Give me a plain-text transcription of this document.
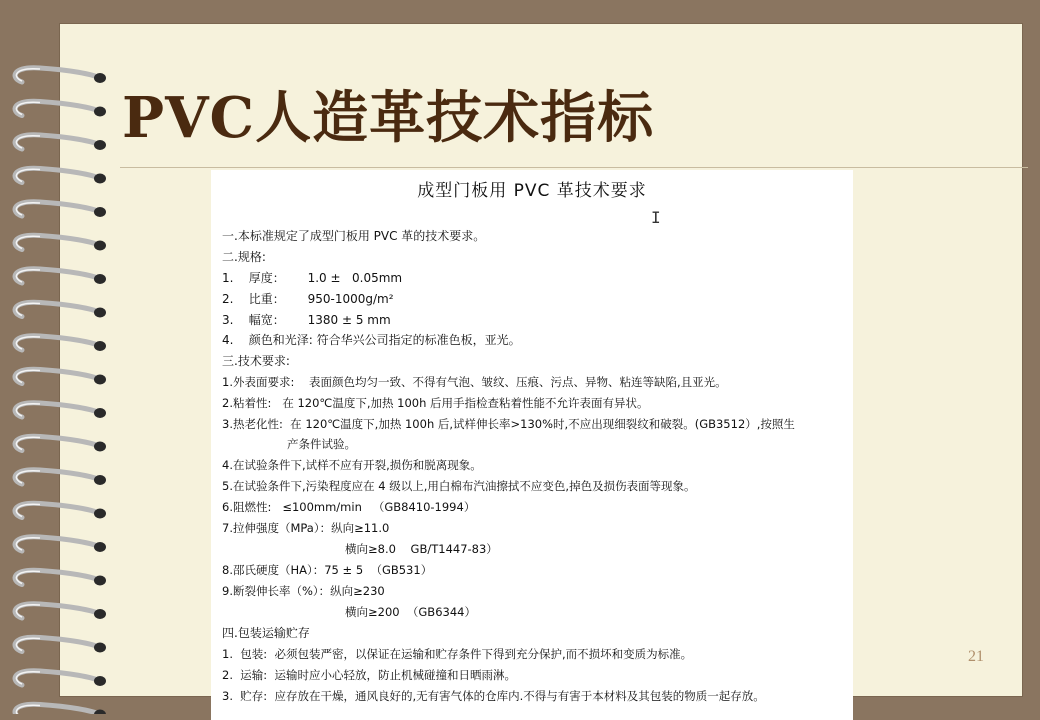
PVC人造革技术指标
成型门板用 PVC 革技术要求
I
一.本标准规定了成型门板用 PVC 革的技术要求。
二.规格:
1.    厚度：      1.0 ±   0.05mm
2.    比重：      950-1000g/m²
3.    幅宽：      1380 ± 5 mm
4.    颜色和光泽: 符合华兴公司指定的标准色板，亚光。
三.技术要求:
1.外表面要求:    表面颜色均匀一致、不得有气泡、皱纹、压痕、污点、异物、粘连等缺陷,且亚光。
2.粘着性:   在 120℃温度下,加热 100h 后用手指检查粘着性能不允许表面有异状。
3.热老化性:  在 120℃温度下,加热 100h 后,试样伸长率>130%时,不应出现细裂纹和破裂。(GB3512）,按照生
产条件试验。
4.在试验条件下,试样不应有开裂,损伤和脱离现象。
5.在试验条件下,污染程度应在 4 级以上,用白棉布汽油擦拭不应变色,掉色及损伤表面等现象。
6.阻燃性:   ≤100mm/min   （GB8410-1994）
7.拉伸强度（MPa）：纵向≥11.0
横向≥8.0    GB/T1447-83）
8.邵氏硬度（HA）：75 ± 5  （GB531）
9.断裂伸长率（%）：纵向≥230
横向≥200  （GB6344）
四.包装运输贮存
1.  包装:  必须包装严密，以保证在运输和贮存条件下得到充分保护,而不损坏和变质为标准。
2.  运输:  运输时应小心轻放，防止机械碰撞和日晒雨淋。
3.  贮存:  应存放在干燥，通风良好的,无有害气体的仓库内.不得与有害于本材料及其包装的物质一起存放。
21
